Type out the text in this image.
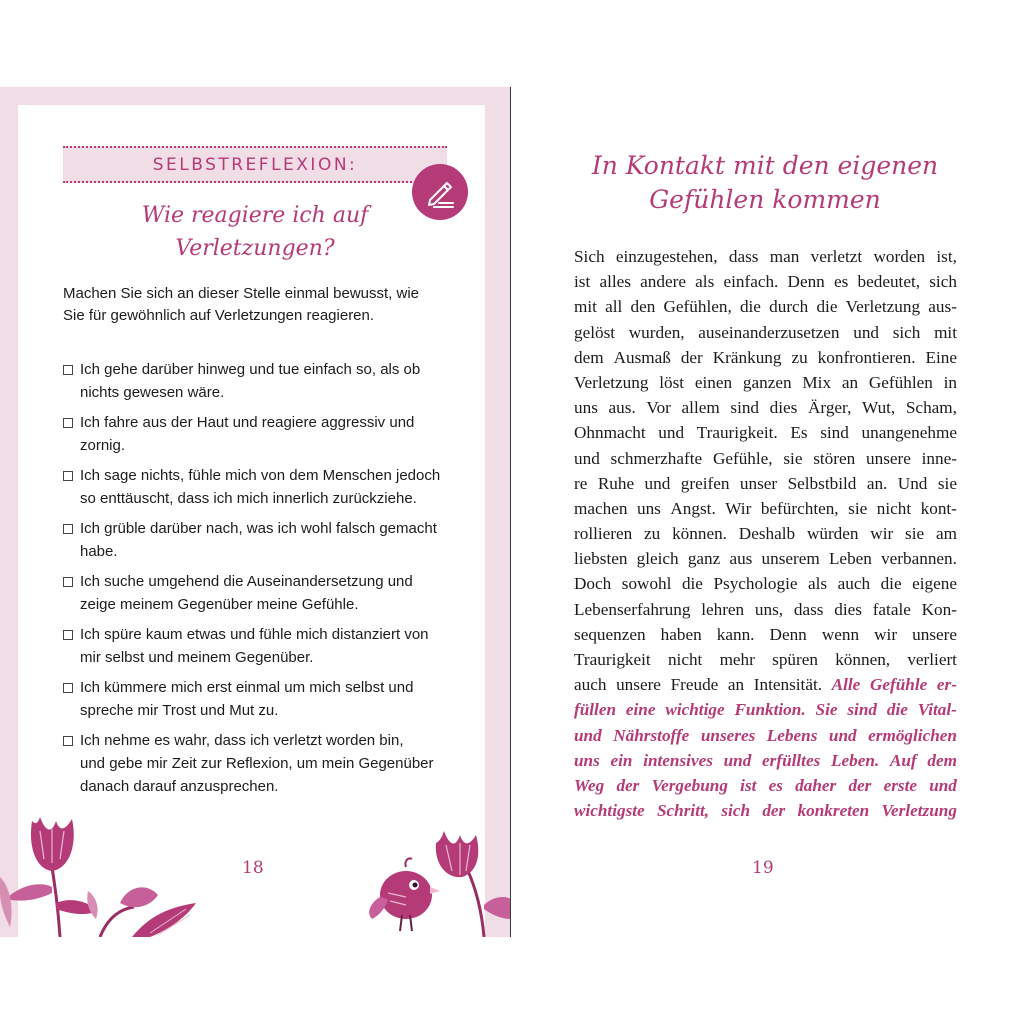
SELBSTREFLEXION:
Wie reagiere ich auf
Verletzungen?

Machen Sie sich an dieser Stelle einmal bewusst, wie
Sie für gewöhnlich auf Verletzungen reagieren.

Ich gehe darüber hinweg und tue einfach so, als ob
nichts gewesen wäre.
Ich fahre aus der Haut und reagiere aggressiv und
zornig.
Ich sage nichts, fühle mich von dem Menschen jedoch
so enttäuscht, dass ich mich innerlich zurückziehe.
Ich grüble darüber nach, was ich wohl falsch gemacht
habe.
Ich suche umgehend die Auseinandersetzung und
zeige meinem Gegenüber meine Gefühle.
Ich spüre kaum etwas und fühle mich distanziert von
mir selbst und meinem Gegenüber.
Ich kümmere mich erst einmal um mich selbst und
spreche mir Trost und Mut zu.
Ich nehme es wahr, dass ich verletzt worden bin,
und gebe mir Zeit zur Reflexion, um mein Gegenüber
danach darauf anzusprechen.
18
In Kontakt mit den eigenen
Gefühlen kommen
Sich einzugestehen, dass man verletzt worden ist,
ist alles andere als einfach. Denn es bedeutet, sich
mit all den Gefühlen, die durch die Verletzung aus-
gelöst wurden, auseinanderzusetzen und sich mit
dem Ausmaß der Kränkung zu konfrontieren. Eine
Verletzung löst einen ganzen Mix an Gefühlen in
uns aus. Vor allem sind dies Ärger, Wut, Scham,
Ohnmacht und Traurigkeit. Es sind unangenehme
und schmerzhafte Gefühle, sie stören unsere inne-
re Ruhe und greifen unser Selbstbild an. Und sie
machen uns Angst. Wir befürchten, sie nicht kont-
rollieren zu können. Deshalb würden wir sie am
liebsten gleich ganz aus unserem Leben verbannen.
Doch sowohl die Psychologie als auch die eigene
Lebenserfahrung lehren uns, dass dies fatale Kon-
sequenzen haben kann. Denn wenn wir unsere
Traurigkeit nicht mehr spüren können, verliert
auch unsere Freude an Intensität. Alle Gefühle er-
füllen eine wichtige Funktion. Sie sind die Vital-
und Nährstoffe unseres Lebens und ermöglichen
uns ein intensives und erfülltes Leben. Auf dem
Weg der Vergebung ist es daher der erste und
wichtigste Schritt, sich der konkreten Verletzung
19
